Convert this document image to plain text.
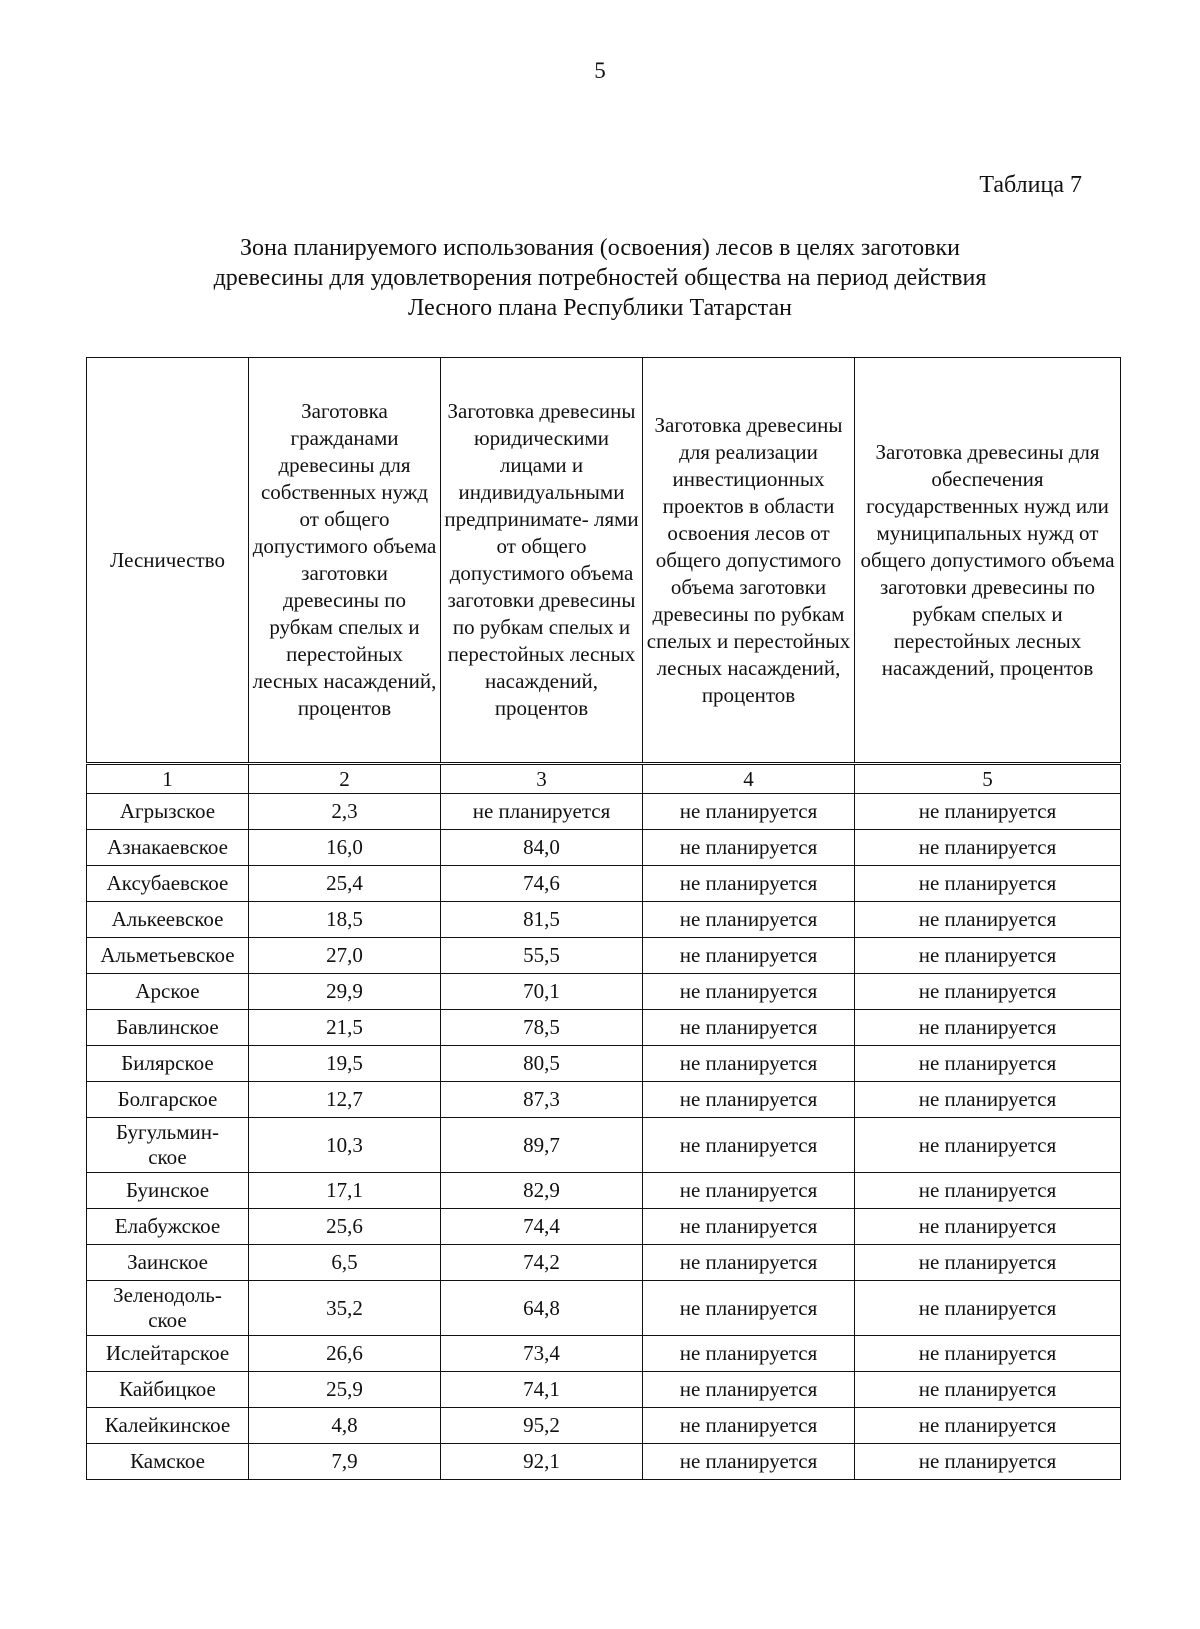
5
Таблица 7
Зона планируемого использования (освоения) лесов в целях заготовки
древесины для удовлетворения потребностей общества на период действия
Лесного плана Республики Татарстан
Лесничество	Заготовка гражданами древесины для собственных нужд от общего допустимого объема заготовки древесины по рубкам спелых и перестойных лесных насаждений, процентов	Заготовка древесины юридическими лицами и индивидуальными предпринимате- лями от общего допустимого объема заготовки древесины по рубкам спелых и перестойных лесных насаждений, процентов	Заготовка древесины для реализации инвестиционных проектов в области освоения лесов от общего допустимого объема заготовки древесины по рубкам спелых и перестойных лесных насаждений, процентов	Заготовка древесины для обеспечения государственных нужд или муниципальных нужд от общего допустимого объема заготовки древесины по рубкам спелых и перестойных лесных насаждений, процентов
1	2	3	4	5
Агрызское	2,3	не планируется	не планируется	не планируется
Азнакаевское	16,0	84,0	не планируется	не планируется
Аксубаевское	25,4	74,6	не планируется	не планируется
Алькеевское	18,5	81,5	не планируется	не планируется
Альметьевское	27,0	55,5	не планируется	не планируется
Арское	29,9	70,1	не планируется	не планируется
Бавлинское	21,5	78,5	не планируется	не планируется
Билярское	19,5	80,5	не планируется	не планируется
Болгарское	12,7	87,3	не планируется	не планируется
Бугульмин-
ское	10,3	89,7	не планируется	не планируется
Буинское	17,1	82,9	не планируется	не планируется
Елабужское	25,6	74,4	не планируется	не планируется
Заинское	6,5	74,2	не планируется	не планируется
Зеленодоль-
ское	35,2	64,8	не планируется	не планируется
Ислейтарское	26,6	73,4	не планируется	не планируется
Кайбицкое	25,9	74,1	не планируется	не планируется
Калейкинское	4,8	95,2	не планируется	не планируется
Камское	7,9	92,1	не планируется	не планируется
